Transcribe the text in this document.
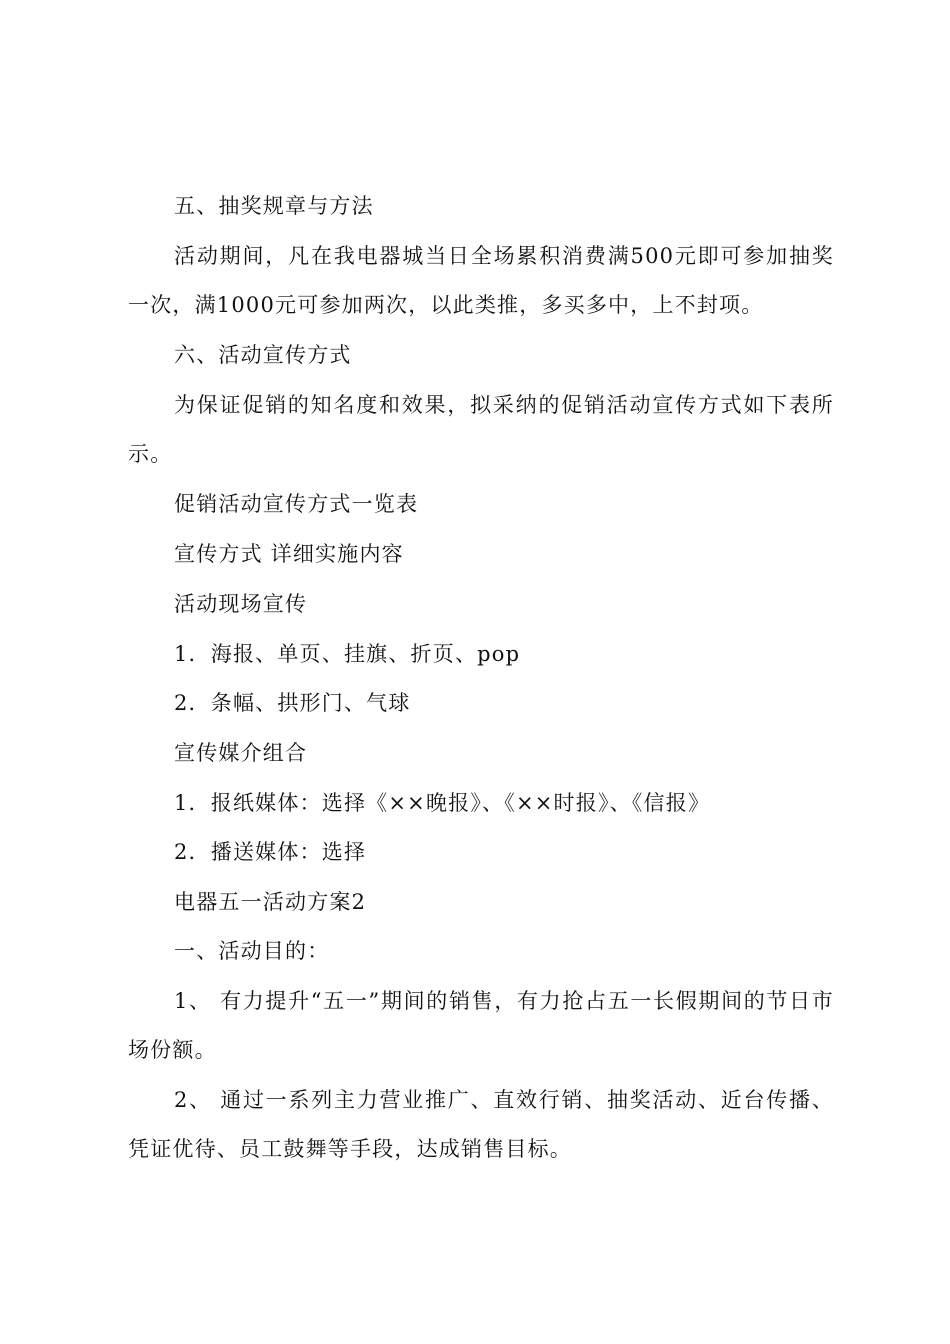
五、抽奖规章与方法

活动期间，凡在我电器城当日全场累积消费满500元即可参加抽奖一次，满1000元可参加两次，以此类推，多买多中，上不封项。

六、活动宣传方式

为保证促销的知名度和效果，拟采纳的促销活动宣传方式如下表所示。

促销活动宣传方式一览表

宣传方式 详细实施内容

活动现场宣传

1．海报、单页、挂旗、折页、pop

2．条幅、拱形门、气球

宣传媒介组合

1．报纸媒体：选择《××晚报》、《××时报》、《信报》

2．播送媒体：选择

电器五一活动方案2

一、活动目的：

1、 有力提升“五一”期间的销售，有力抢占五一长假期间的节日市场份额。

2、 通过一系列主力营业推广、直效行销、抽奖活动、近台传播、凭证优待、员工鼓舞等手段，达成销售目标。
